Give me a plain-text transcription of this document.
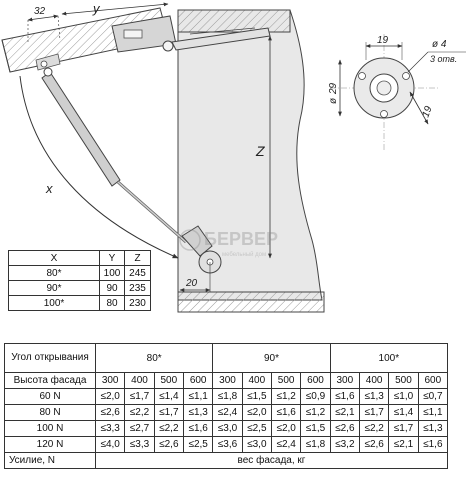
x
32	y
Z
20
БЕРВЕР
мебельный дом
19
ø
29
19
ø 4
3 отв.
X	Y	Z
80*	100	245
90*	90	235
100*	80	230
Угол открывания	80*				90*				100*			
Высота фасада	300	400	500	600	300	400	500	600	300	400	500	600
60 N	≤2,0	≤1,7	≤1,4	≤1,1	≤1,8	≤1,5	≤1,2	≤0,9	≤1,6	≤1,3	≤1,0	≤0,7
80 N	≤2,6	≤2,2	≤1,7	≤1,3	≤2,4	≤2,0	≤1,6	≤1,2	≤2,1	≤1,7	≤1,4	≤1,1
100 N	≤3,3	≤2,7	≤2,2	≤1,6	≤3,0	≤2,5	≤2,0	≤1,5	≤2,6	≤2,2	≤1,7	≤1,3
120 N	≤4,0	≤3,3	≤2,6	≤2,5	≤3,6	≤3,0	≤2,4	≤1,8	≤3,2	≤2,6	≤2,1	≤1,6
Усилие, N	вес фасада, кг											
